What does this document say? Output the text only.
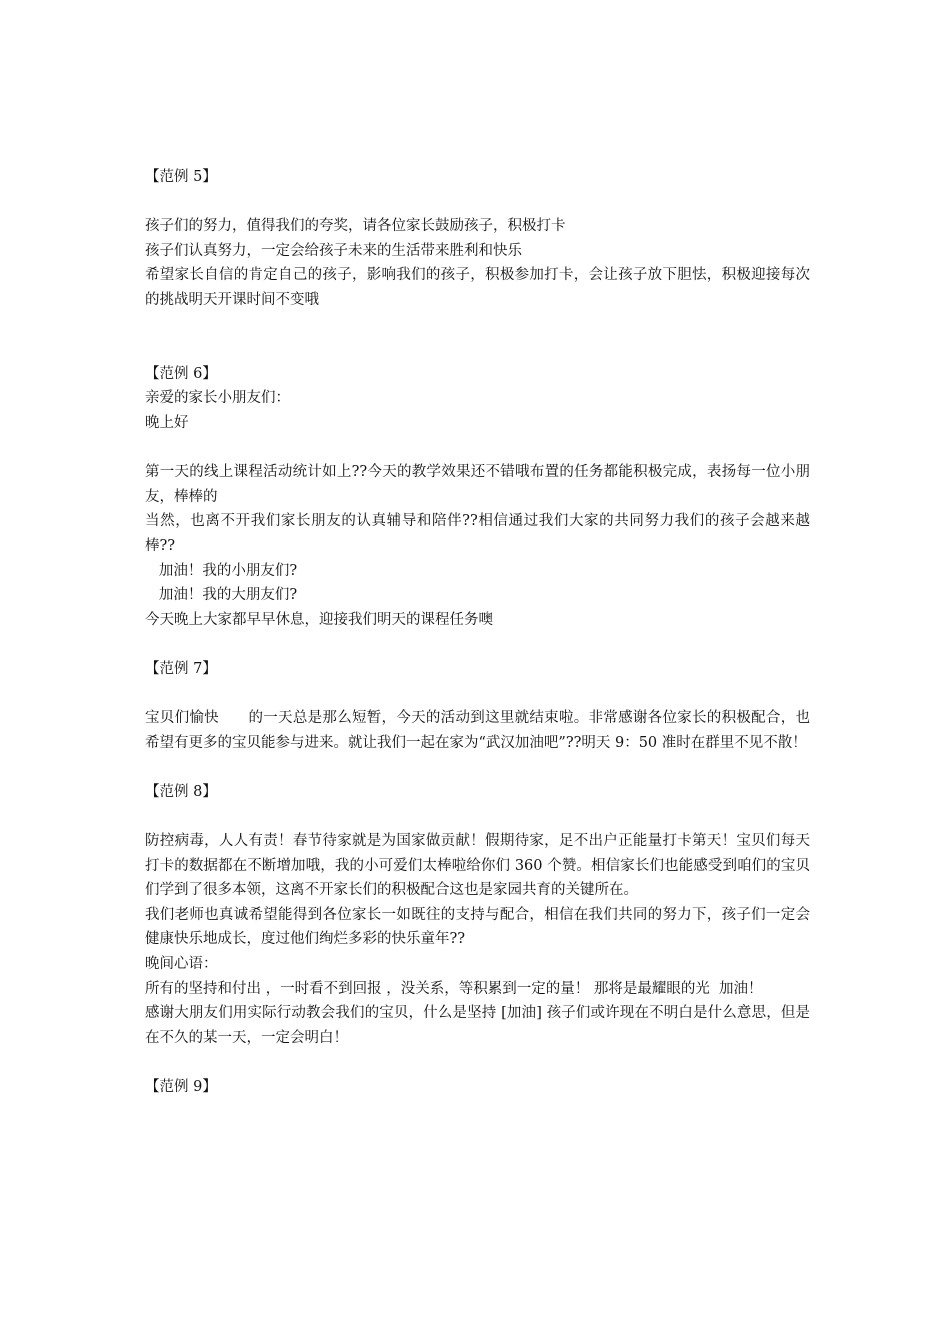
【范例 5】
孩子们的努力，值得我们的夸奖，请各位家长鼓励孩子，积极打卡
孩子们认真努力，一定会给孩子未来的生活带来胜利和快乐
希望家长自信的肯定自己的孩子，影响我们的孩子，积极参加打卡，会让孩子放下胆怯，积极迎接每次的挑战明天开课时间不变哦
【范例 6】
亲爱的家长小朋友们：
晚上好
第一天的线上课程活动统计如上??今天的教学效果还不错哦布置的任务都能积极完成，表扬每一位小朋友，棒棒的
当然，也离不开我们家长朋友的认真辅导和陪伴??相信通过我们大家的共同努力我们的孩子会越来越棒??
加油！我的小朋友们?
加油！我的大朋友们?
今天晚上大家都早早休息，迎接我们明天的课程任务噢
【范例 7】
宝贝们愉快　　的一天总是那么短暂，今天的活动到这里就结束啦。非常感谢各位家长的积极配合，也希望有更多的宝贝能参与进来。就让我们一起在家为“武汉加油吧”??明天 9：50 准时在群里不见不散！
【范例 8】
防控病毒，人人有责！春节待家就是为国家做贡献！假期待家，足不出户正能量打卡第天！宝贝们每天打卡的数据都在不断增加哦，我的小可爱们太棒啦给你们 360 个赞。相信家长们也能感受到咱们的宝贝们学到了很多本领，这离不开家长们的积极配合这也是家园共育的关键所在。
我们老师也真诚希望能得到各位家长一如既往的支持与配合，相信在我们共同的努力下，孩子们一定会健康快乐地成长，度过他们绚烂多彩的快乐童年??
晚间心语：
所有的坚持和付出 ，一时看不到回报 ，没关系，等积累到一定的量！ 那将是最耀眼的光  加油！
感谢大朋友们用实际行动教会我们的宝贝，什么是坚持 [加油] 孩子们或许现在不明白是什么意思，但是在不久的某一天，一定会明白！
【范例 9】
